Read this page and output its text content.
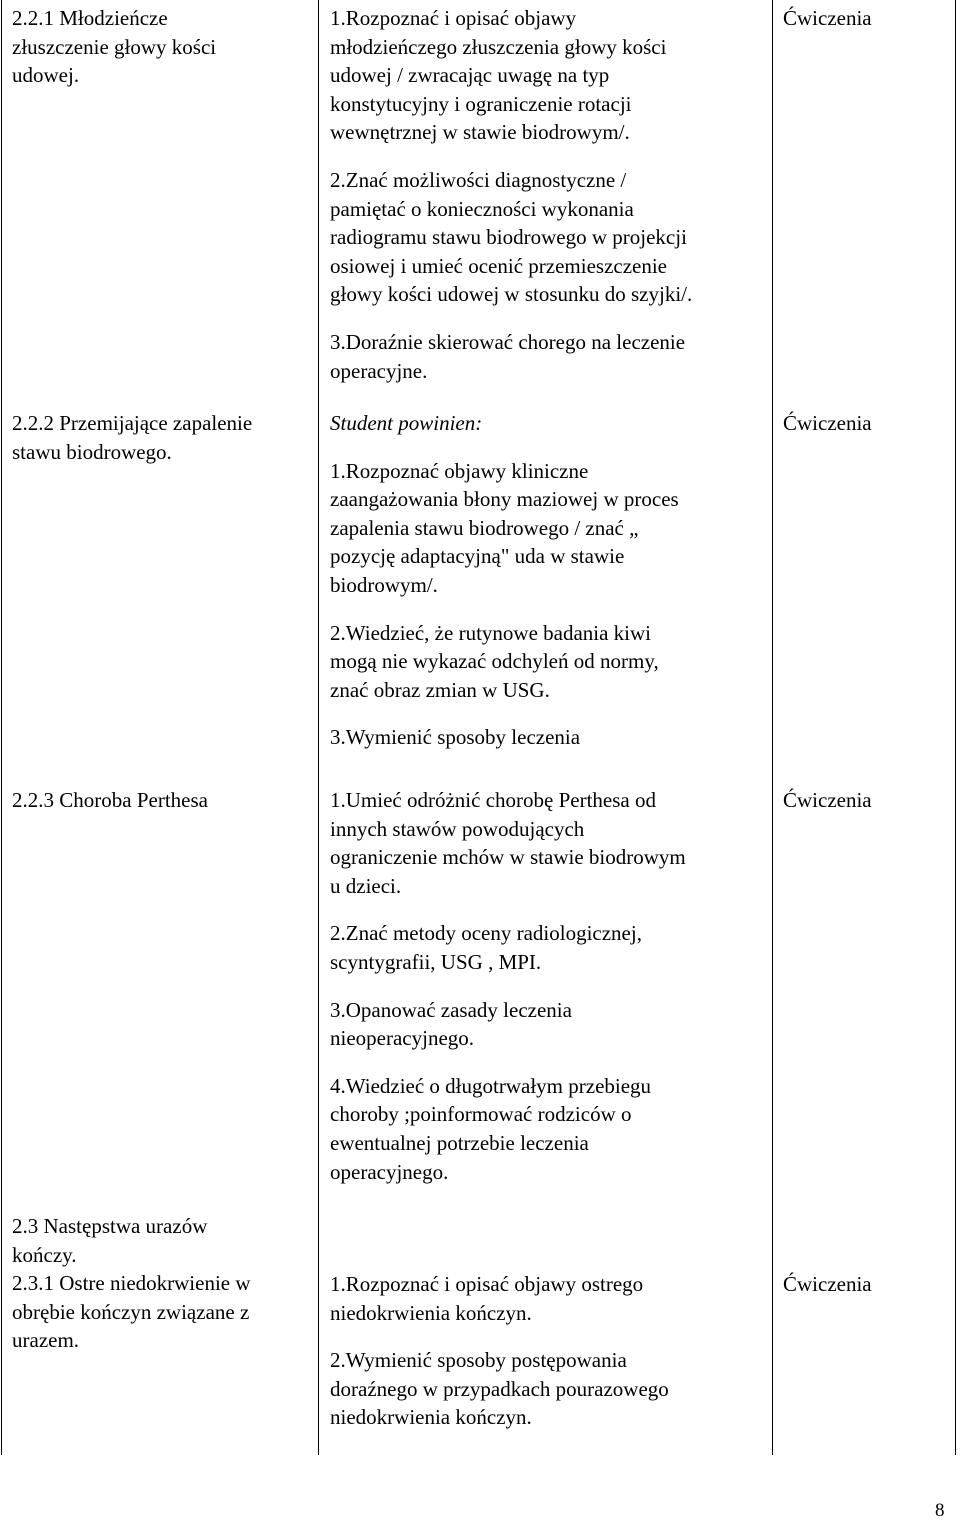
2.2.1 Młodzieńcze
złuszczenie głowy kości
udowej.
1.Rozpoznać i opisać objawy
młodzieńczego złuszczenia głowy kości
udowej / zwracając uwagę na typ
konstytucyjny i ograniczenie rotacji
wewnętrznej w stawie biodrowym/.
2.Znać możliwości diagnostyczne /
pamiętać o konieczności wykonania
radiogramu stawu biodrowego w projekcji
osiowej i umieć ocenić przemieszczenie
głowy kości udowej w stosunku do szyjki/.
3.Doraźnie skierować chorego na leczenie
operacyjne.
Ćwiczenia
2.2.2 Przemijające zapalenie
stawu biodrowego.
Student powinien:
1.Rozpoznać objawy kliniczne
zaangażowania błony maziowej w proces
zapalenia stawu biodrowego / znać „
pozycję adaptacyjną" uda w stawie
biodrowym/.
2.Wiedzieć, że rutynowe badania kiwi
mogą nie wykazać odchyleń od normy,
znać obraz zmian w USG.
3.Wymienić sposoby leczenia
Ćwiczenia
2.2.3 Choroba Perthesa	1.Umieć odróżnić chorobę Perthesa od
innych stawów powodujących
ograniczenie mchów w stawie biodrowym
u dzieci.
2.Znać metody oceny radiologicznej,
scyntygrafii, USG , MPI.
3.Opanować zasady leczenia
nieoperacyjnego.
4.Wiedzieć o długotrwałym przebiegu
choroby ;poinformować rodziców o
ewentualnej potrzebie leczenia
operacyjnego.
Ćwiczenia
2.3 Następstwa urazów
kończy.
2.3.1 Ostre niedokrwienie w
obrębie kończyn związane z
urazem.
1.Rozpoznać i opisać objawy ostrego
niedokrwienia kończyn.
2.Wymienić sposoby postępowania
doraźnego w przypadkach pourazowego
niedokrwienia kończyn.
Ćwiczenia
8
